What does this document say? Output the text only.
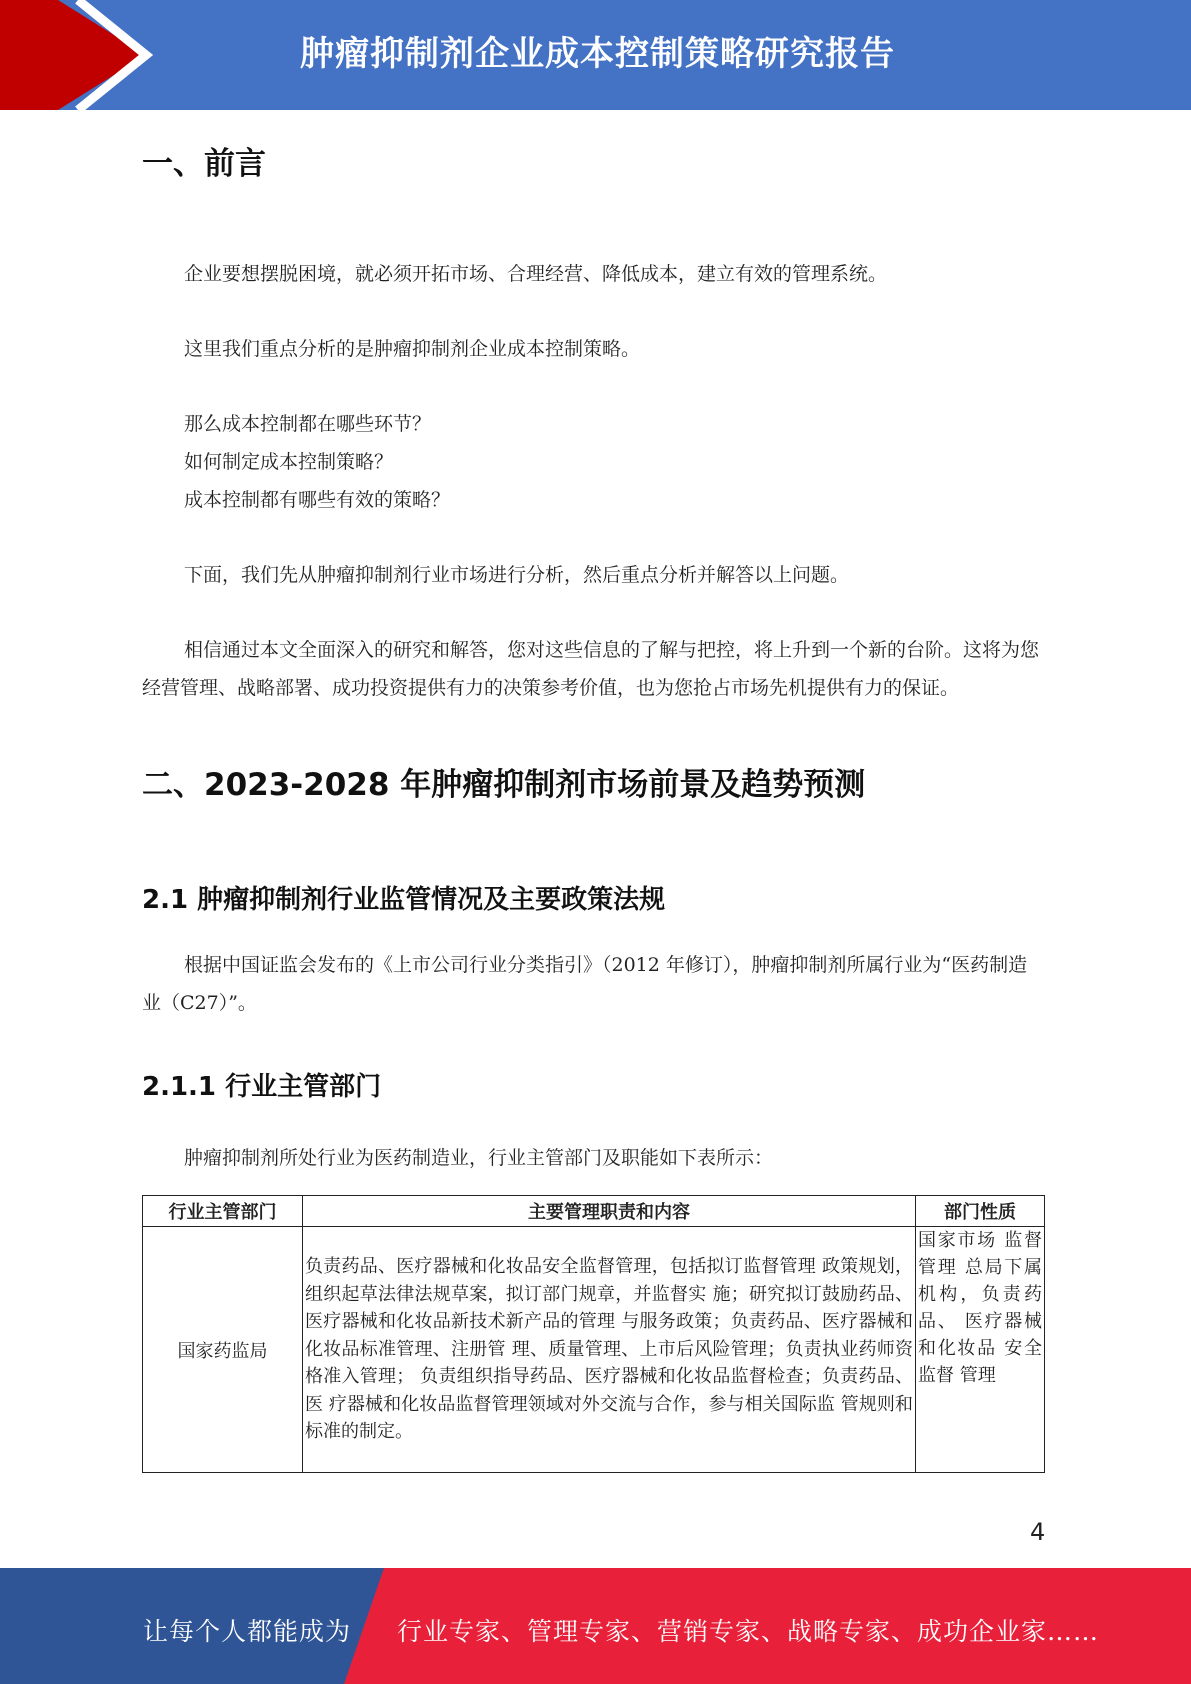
肿瘤抑制剂企业成本控制策略研究报告
一、前言

企业要想摆脱困境，就必须开拓市场、合理经营、降低成本，建立有效的管理系统。

这里我们重点分析的是肿瘤抑制剂企业成本控制策略。

那么成本控制都在哪些环节？

如何制定成本控制策略？

成本控制都有哪些有效的策略？

下面，我们先从肿瘤抑制剂行业市场进行分析，然后重点分析并解答以上问题。

相信通过本文全面深入的研究和解答，您对这些信息的了解与把控，将上升到一个新的台阶。这将为您经营管理、战略部署、成功投资提供有力的决策参考价值，也为您抢占市场先机提供有力的保证。

二、2023-2028 年肿瘤抑制剂市场前景及趋势预测
2.1 肿瘤抑制剂行业监管情况及主要政策法规

根据中国证监会发布的《上市公司行业分类指引》（2012 年修订），肿瘤抑制剂所属行业为“医药制造业（C27）”。

2.1.1 行业主管部门

肿瘤抑制剂所处行业为医药制造业，行业主管部门及职能如下表所示：

行业主管部门	主要管理职责和内容	部门性质
国家药监局	负责药品、医疗器械和化妆品安全监督管理，包括拟订监督管理 政策规划，组织起草法律法规草案，拟订部门规章，并监督实 施；研究拟订鼓励药品、医疗器械和化妆品新技术新产品的管理 与服务政策；负责药品、医疗器械和化妆品标准管理、注册管 理、质量管理、上市后风险管理；负责执业药师资格准入管理； 负责组织指导药品、医疗器械和化妆品监督检查；负责药品、医 疗器械和化妆品监督管理领域对外交流与合作，参与相关国际监 管规则和标准的制定。	国家市场 监督管理 总局下属 机构，负责药品、 医疗器械 和化妆品 安全监督 管理
4
让每个人都能成为 行业专家、管理专家、营销专家、战略专家、成功企业家……
